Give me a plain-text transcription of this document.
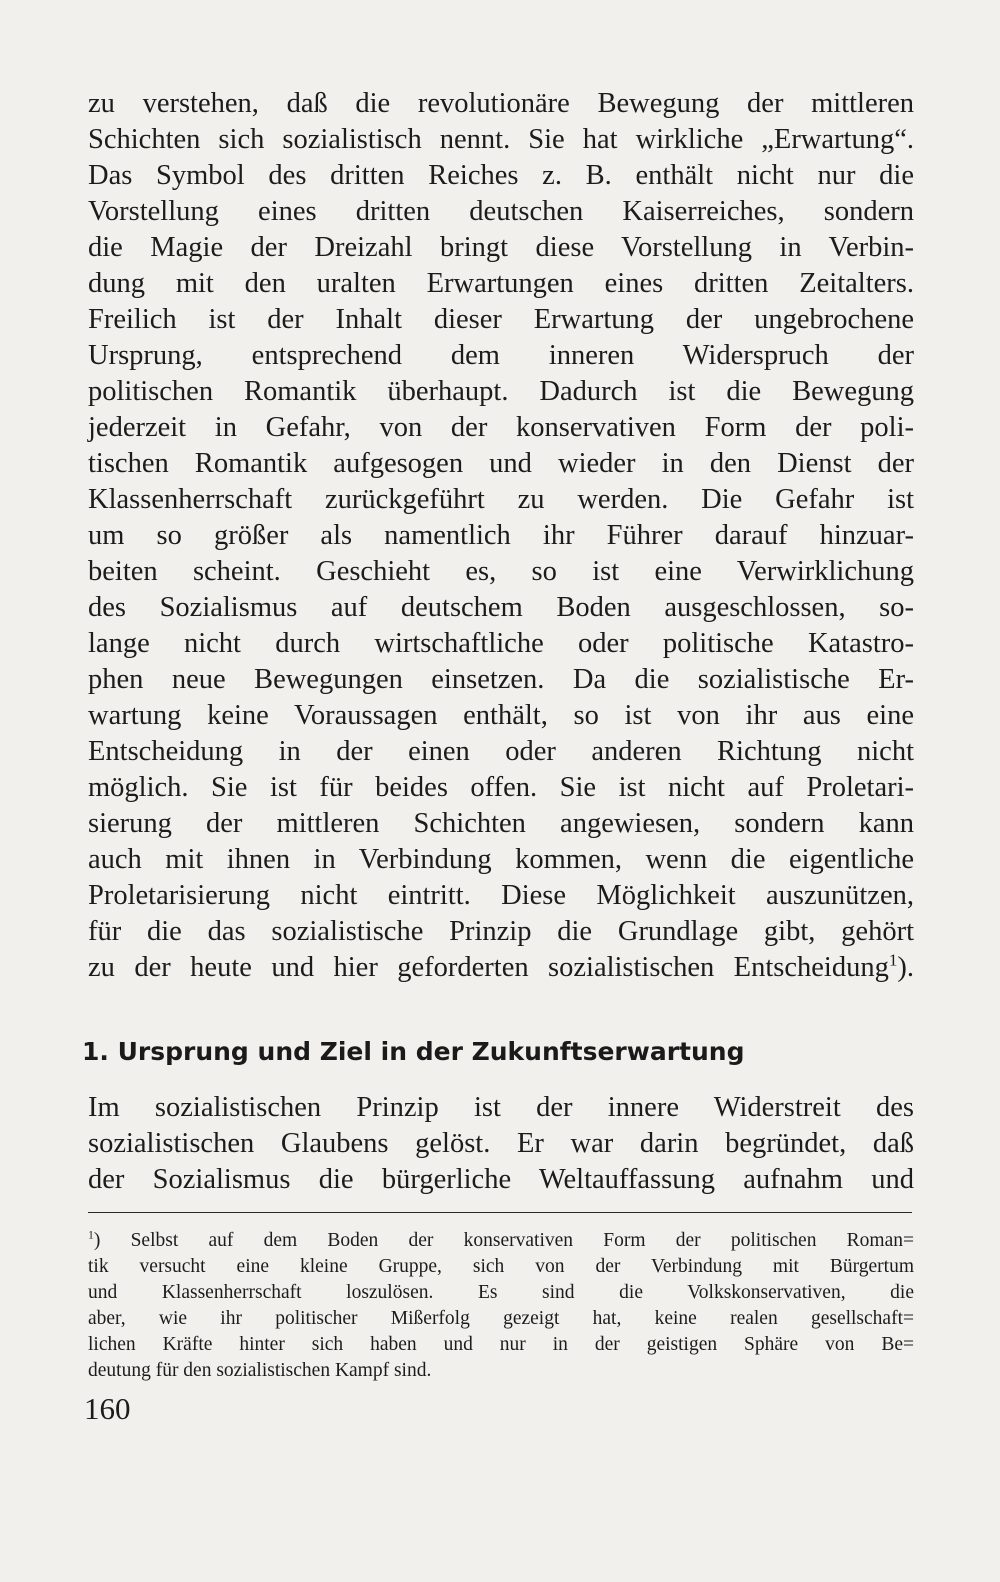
zu verstehen, daß die revolutionäre Bewegung der mittleren
Schichten sich sozialistisch nennt. Sie hat wirkliche „Erwartung“.
Das Symbol des dritten Reiches z. B. enthält nicht nur die
Vorstellung eines dritten deutschen Kaiserreiches, sondern
die Magie der Dreizahl bringt diese Vorstellung in Verbin-
dung mit den uralten Erwartungen eines dritten Zeitalters.
Freilich ist der Inhalt dieser Erwartung der ungebrochene
Ursprung, entsprechend dem inneren Widerspruch der
politischen Romantik überhaupt. Dadurch ist die Bewegung
jederzeit in Gefahr, von der konservativen Form der poli-
tischen Romantik aufgesogen und wieder in den Dienst der
Klassenherrschaft zurückgeführt zu werden. Die Gefahr ist
um so größer als namentlich ihr Führer darauf hinzuar-
beiten scheint. Geschieht es, so ist eine Verwirklichung
des Sozialismus auf deutschem Boden ausgeschlossen, so-
lange nicht durch wirtschaftliche oder politische Katastro-
phen neue Bewegungen einsetzen. Da die sozialistische Er-
wartung keine Voraussagen enthält, so ist von ihr aus eine
Entscheidung in der einen oder anderen Richtung nicht
möglich. Sie ist für beides offen. Sie ist nicht auf Proletari-
sierung der mittleren Schichten angewiesen, sondern kann
auch mit ihnen in Verbindung kommen, wenn die eigentliche
Proletarisierung nicht eintritt. Diese Möglichkeit auszunützen,
für die das sozialistische Prinzip die Grundlage gibt, gehört
zu der heute und hier geforderten sozialistischen Entscheidung$^1$).
1. Ursprung und Ziel in der Zukunftserwartung
Im sozialistischen Prinzip ist der innere Widerstreit des
sozialistischen Glaubens gelöst. Er war darin begründet, daß
der Sozialismus die bürgerliche Weltauffassung aufnahm und
$^1$) Selbst auf dem Boden der konservativen Form der politischen Roman=
tik versucht eine kleine Gruppe, sich von der Verbindung mit Bürgertum
und Klassenherrschaft loszulösen. Es sind die Volkskonservativen, die
aber, wie ihr politischer Mißerfolg gezeigt hat, keine realen gesellschaft=
lichen Kräfte hinter sich haben und nur in der geistigen Sphäre von Be=
deutung für den sozialistischen Kampf sind.
160
